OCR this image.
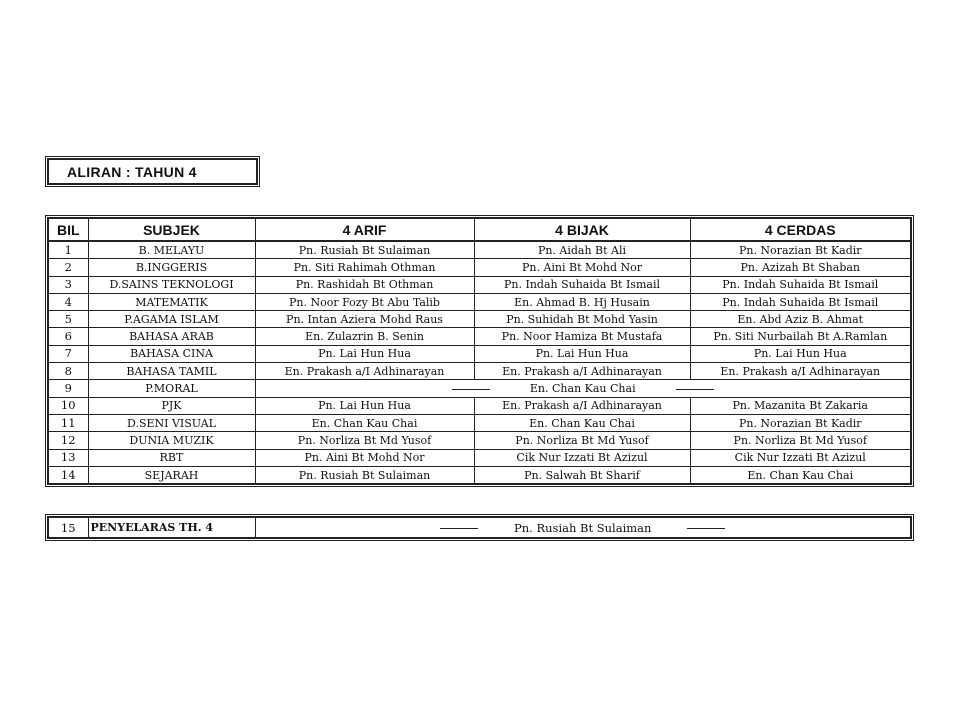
ALIRAN : TAHUN 4
BIL	SUBJEK	4 ARIF	4 BIJAK	4 CERDAS
1	B. MELAYU	Pn. Rusiah Bt Sulaiman	Pn. Aidah Bt Ali	Pn. Norazian Bt Kadir
2	B.INGGERIS	Pn. Siti Rahimah Othman	Pn. Aini Bt Mohd Nor	Pn. Azizah Bt Shaban
3	D.SAINS TEKNOLOGI	Pn. Rashidah Bt Othman	Pn. Indah Suhaida Bt Ismail	Pn. Indah Suhaida Bt Ismail
4	MATEMATIK	Pn. Noor Fozy Bt Abu Talib	En. Ahmad B. Hj Husain	Pn. Indah Suhaida Bt Ismail
5	P.AGAMA ISLAM	Pn. Intan Aziera Mohd Raus	Pn. Suhidah Bt Mohd Yasin	En. Abd Aziz B. Ahmat
6	BAHASA ARAB	En. Zulazrin B. Senin	Pn. Noor Hamiza Bt Mustafa	Pn. Siti Nurbailah Bt A.Ramlan
7	BAHASA CINA	Pn. Lai Hun Hua	Pn. Lai Hun Hua	Pn. Lai Hun Hua
8	BAHASA TAMIL	En. Prakash a/I Adhinarayan	En. Prakash a/I Adhinarayan	En. Prakash a/I Adhinarayan
9	P.MORAL	En. Chan Kau Chai		
10	PJK	Pn. Lai Hun Hua	En. Prakash a/I Adhinarayan	Pn. Mazanita Bt Zakaria
11	D.SENI VISUAL	En. Chan Kau Chai	En. Chan Kau Chai	Pn. Norazian Bt Kadir
12	DUNIA MUZIK	Pn. Norliza Bt Md Yusof	Pn. Norliza Bt Md Yusof	Pn. Norliza Bt Md Yusof
13	RBT	Pn. Aini Bt Mohd Nor	Cik Nur Izzati Bt Azizul	Cik Nur Izzati Bt Azizul
14	SEJARAH	Pn. Rusiah Bt Sulaiman	Pn. Salwah Bt Sharif	En. Chan Kau Chai
15	PENYELARAS TH. 4	Pn. Rusiah Bt Sulaiman
